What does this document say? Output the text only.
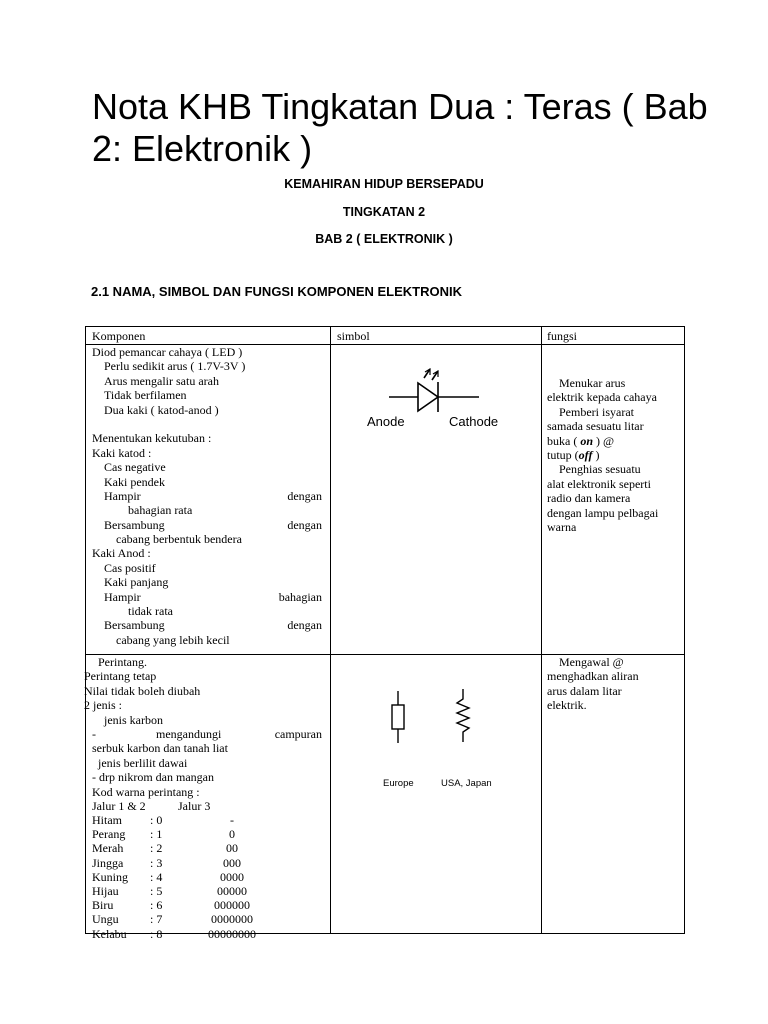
Nota KHB Tingkatan Dua : Teras ( Bab 2: Elektronik )
KEMAHIRAN HIDUP BERSEPADU
TINGKATAN 2
BAB 2 ( ELEKTRONIK )
2.1 NAMA, SIMBOL DAN FUNGSI KOMPONEN ELEKTRONIK
Komponen	simbol	fungsi
Diod pemancar cahaya ( LED )
Perlu sedikit arus ( 1.7V-3V )
Arus mengalir satu arah
Tidak berfilamen
Dua kaki ( katod-anod )
Menentukan kekutuban :
Kaki katod :
Cas negative
Kaki pendek
Hampir	dengan
bahagian rata
Bersambung	dengan
cabang berbentuk bendera
Kaki Anod :
Cas positif
Kaki panjang
Hampir	bahagian
tidak rata
Bersambung	dengan
cabang yang lebih kecil
Anode	Cathode
Menukar arus
elektrik kepada cahaya
Pemberi isyarat
samada sesuatu litar
buka ( on ) @
tutup (off )
Penghias sesuatu
alat elektronik seperti
radio dan kamera
dengan lampu pelbagai
warna
Perintang.
Perintang tetap
Nilai tidak boleh diubah
2 jenis :
jenis karbon
-	mengandungi	campuran
serbuk karbon dan tanah liat
jenis berlilit dawai
- drp nikrom dan mangan
Kod warna perintang :
Jalur 1 & 2	Jalur 3
Hitam : 0	-
Perang : 1	0
Merah : 2	00
Jingga : 3	000
Kuning : 4	0000
Hijau	: 5	00000
Biru	: 6	000000
Ungu	: 7	0000000
Kelabu : 8	00000000
Europe	USA, Japan
Mengawal @
menghadkan aliran
arus dalam litar
elektrik.
